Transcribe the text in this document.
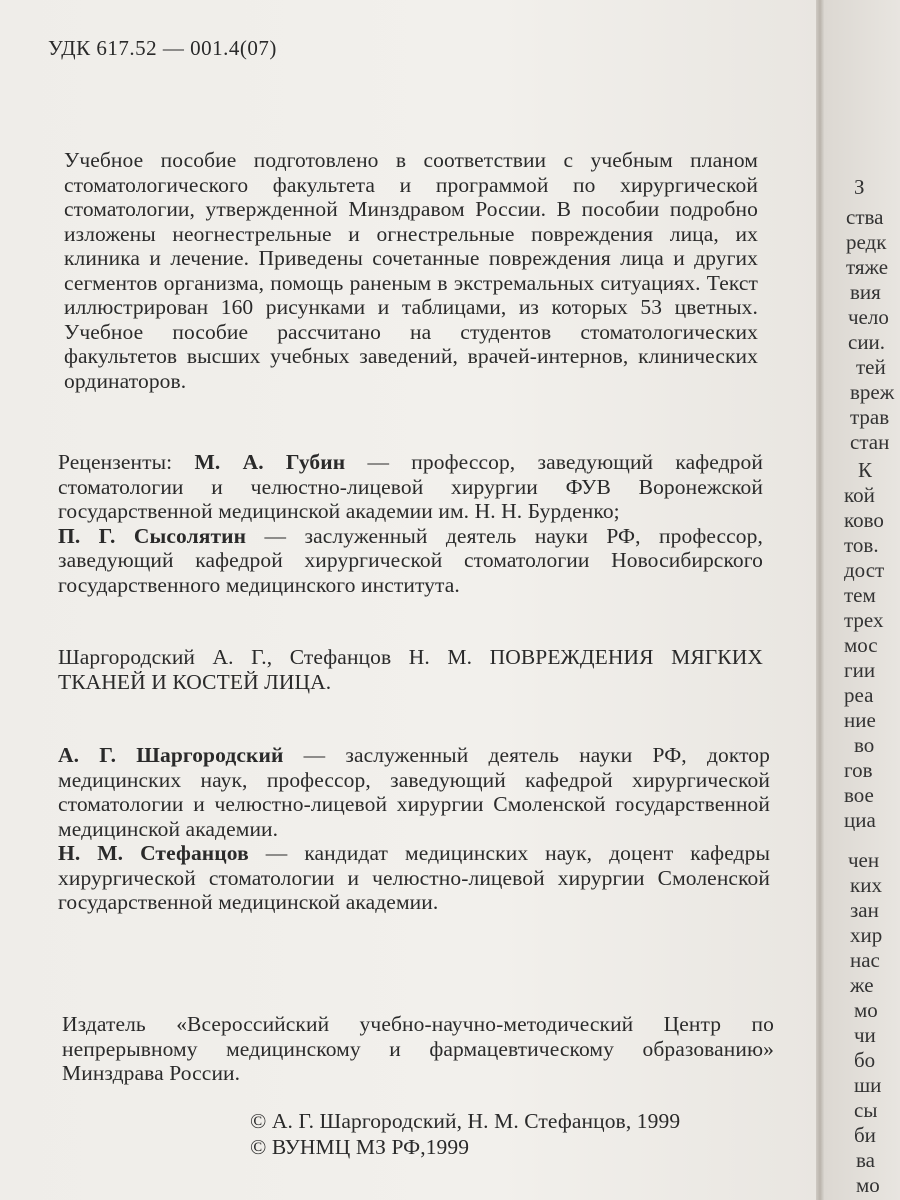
УДК 617.52 — 001.4(07)

Учебное пособие подготовлено в соответствии с учебным планом стоматологического факультета и программой по хирургической стоматологии, утвержденной Минздравом России. В пособии подробно изложены неогнестрельные и огнестрельные повреждения лица, их клиника и лечение. Приведены сочетанные повреждения лица и других сегментов организма, помощь раненым в экстремальных ситуациях. Текст иллюстрирован 160 рисунками и таблицами, из которых 53 цветных. Учебное пособие рассчитано на студентов стоматологических факультетов высших учебных заведений, врачей-интернов, клинических ординаторов.

Рецензенты: М. А. Губин — профессор, заведующий кафедрой стоматологии и челюстно-лицевой хирургии ФУВ Воронежской государственной медицинской академии им. Н. Н. Бурденко;

П. Г. Сысолятин — заслуженный деятель науки РФ, профессор, заведующий кафедрой хирургической стоматологии Новосибирского государственного медицинского института.

Шаргородский А. Г., Стефанцов Н. М. ПОВРЕЖДЕНИЯ МЯГКИХ ТКАНЕЙ И КОСТЕЙ ЛИЦА.

А. Г. Шаргородский — заслуженный деятель науки РФ, доктор медицинских наук, профессор, заведующий кафедрой хирургической стоматологии и челюстно-лицевой хирургии Смоленской государственной медицинской академии.

Н. М. Стефанцов — кандидат медицинских наук, доцент кафедры хирургической стоматологии и челюстно-лицевой хирургии Смоленской государственной медицинской академии.

Издатель «Всероссийский учебно-научно-методический Центр по непрерывному медицинскому и фармацевтическому образованию» Минздрава России.
© А. Г. Шаргородский, Н. М. Стефанцов, 1999
© ВУНМЦ МЗ РФ,1999
З
ства
редк
тяже
вия
чело
сии.
тей
вреж
трав
стан
К
кой
ково
тов.
дост
тем
трех
мос
гии
реа
ние
во
гов
вое
циа
чен
ких
зан
хир
нас
же
мо
чи
бо
ши
сы
би
ва
мо
